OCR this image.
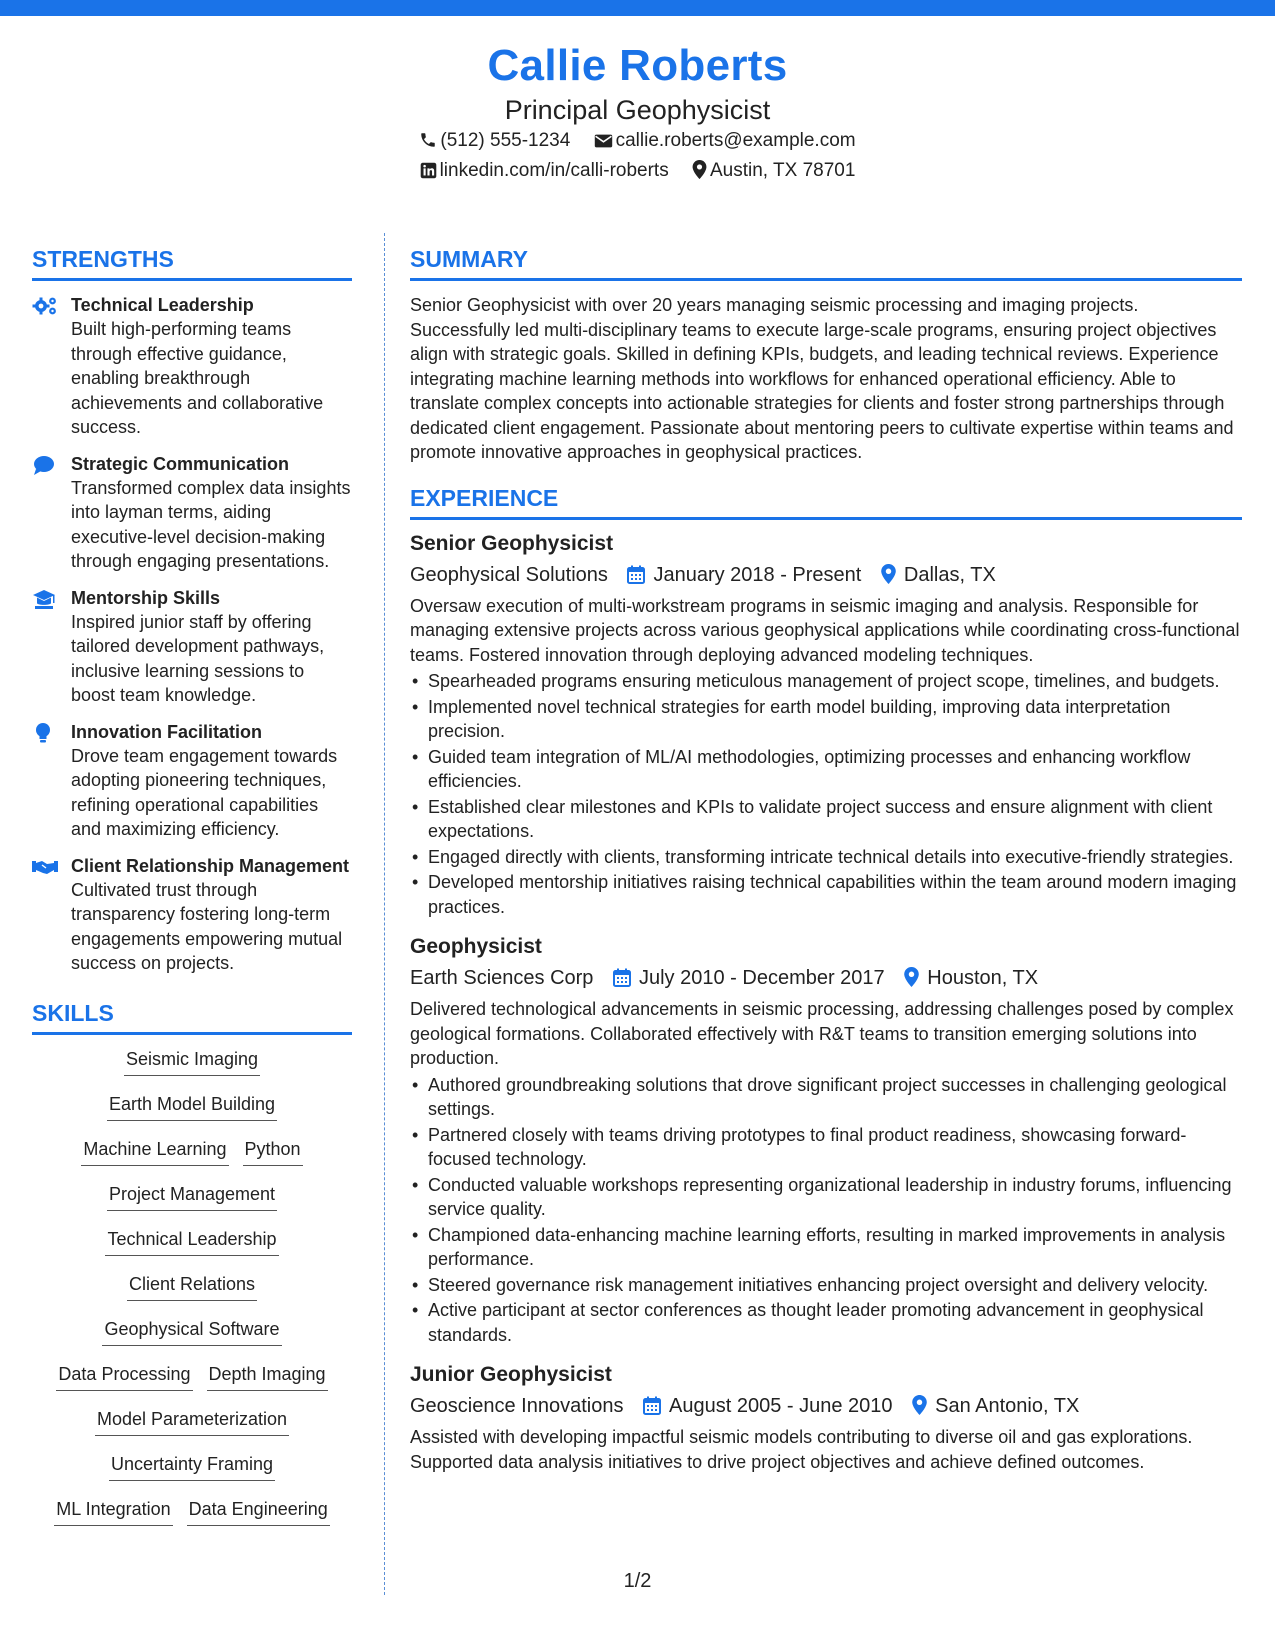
Callie Roberts
Principal Geophysicist
(512) 555-1234 callie.roberts@example.com
linkedin.com/in/calli-roberts Austin, TX 78701
STRENGTHS
Technical Leadership
Built high-performing teams through effective guidance, enabling breakthrough achievements and collaborative success.
Strategic Communication
Transformed complex data insights into layman terms, aiding executive-level decision-making through engaging presentations.
Mentorship Skills
Inspired junior staff by offering tailored development pathways, inclusive learning sessions to boost team knowledge.
Innovation Facilitation
Drove team engagement towards adopting pioneering techniques, refining operational capabilities and maximizing efficiency.
Client Relationship Management
Cultivated trust through transparency fostering long-term engagements empowering mutual success on projects.
SKILLS
Seismic Imaging
Earth Model Building
Machine Learning Python
Project Management
Technical Leadership
Client Relations
Geophysical Software
Data Processing Depth Imaging
Model Parameterization
Uncertainty Framing
ML Integration Data Engineering
SUMMARY
Senior Geophysicist with over 20 years managing seismic processing and imaging projects. Successfully led multi-disciplinary teams to execute large-scale programs, ensuring project objectives align with strategic goals. Skilled in defining KPIs, budgets, and leading technical reviews. Experience integrating machine learning methods into workflows for enhanced operational efficiency. Able to translate complex concepts into actionable strategies for clients and foster strong partnerships through dedicated client engagement. Passionate about mentoring peers to cultivate expertise within teams and promote innovative approaches in geophysical practices.
EXPERIENCE
Senior Geophysicist
Geophysical Solutions January 2018 - Present Dallas, TX
Oversaw execution of multi-workstream programs in seismic imaging and analysis. Responsible for managing extensive projects across various geophysical applications while coordinating cross-functional teams. Fostered innovation through deploying advanced modeling techniques.
• Spearheaded programs ensuring meticulous management of project scope, timelines, and budgets.
• Implemented novel technical strategies for earth model building, improving data interpretation precision.
• Guided team integration of ML/AI methodologies, optimizing processes and enhancing workflow efficiencies.
• Established clear milestones and KPIs to validate project success and ensure alignment with client expectations.
• Engaged directly with clients, transforming intricate technical details into executive-friendly strategies.
• Developed mentorship initiatives raising technical capabilities within the team around modern imaging practices.
Geophysicist
Earth Sciences Corp July 2010 - December 2017 Houston, TX
Delivered technological advancements in seismic processing, addressing challenges posed by complex geological formations. Collaborated effectively with R&T teams to transition emerging solutions into production.
• Authored groundbreaking solutions that drove significant project successes in challenging geological settings.
• Partnered closely with teams driving prototypes to final product readiness, showcasing forward-focused technology.
• Conducted valuable workshops representing organizational leadership in industry forums, influencing service quality.
• Championed data-enhancing machine learning efforts, resulting in marked improvements in analysis performance.
• Steered governance risk management initiatives enhancing project oversight and delivery velocity.
• Active participant at sector conferences as thought leader promoting advancement in geophysical standards.
Junior Geophysicist
Geoscience Innovations August 2005 - June 2010 San Antonio, TX
Assisted with developing impactful seismic models contributing to diverse oil and gas explorations. Supported data analysis initiatives to drive project objectives and achieve defined outcomes.
1/2
